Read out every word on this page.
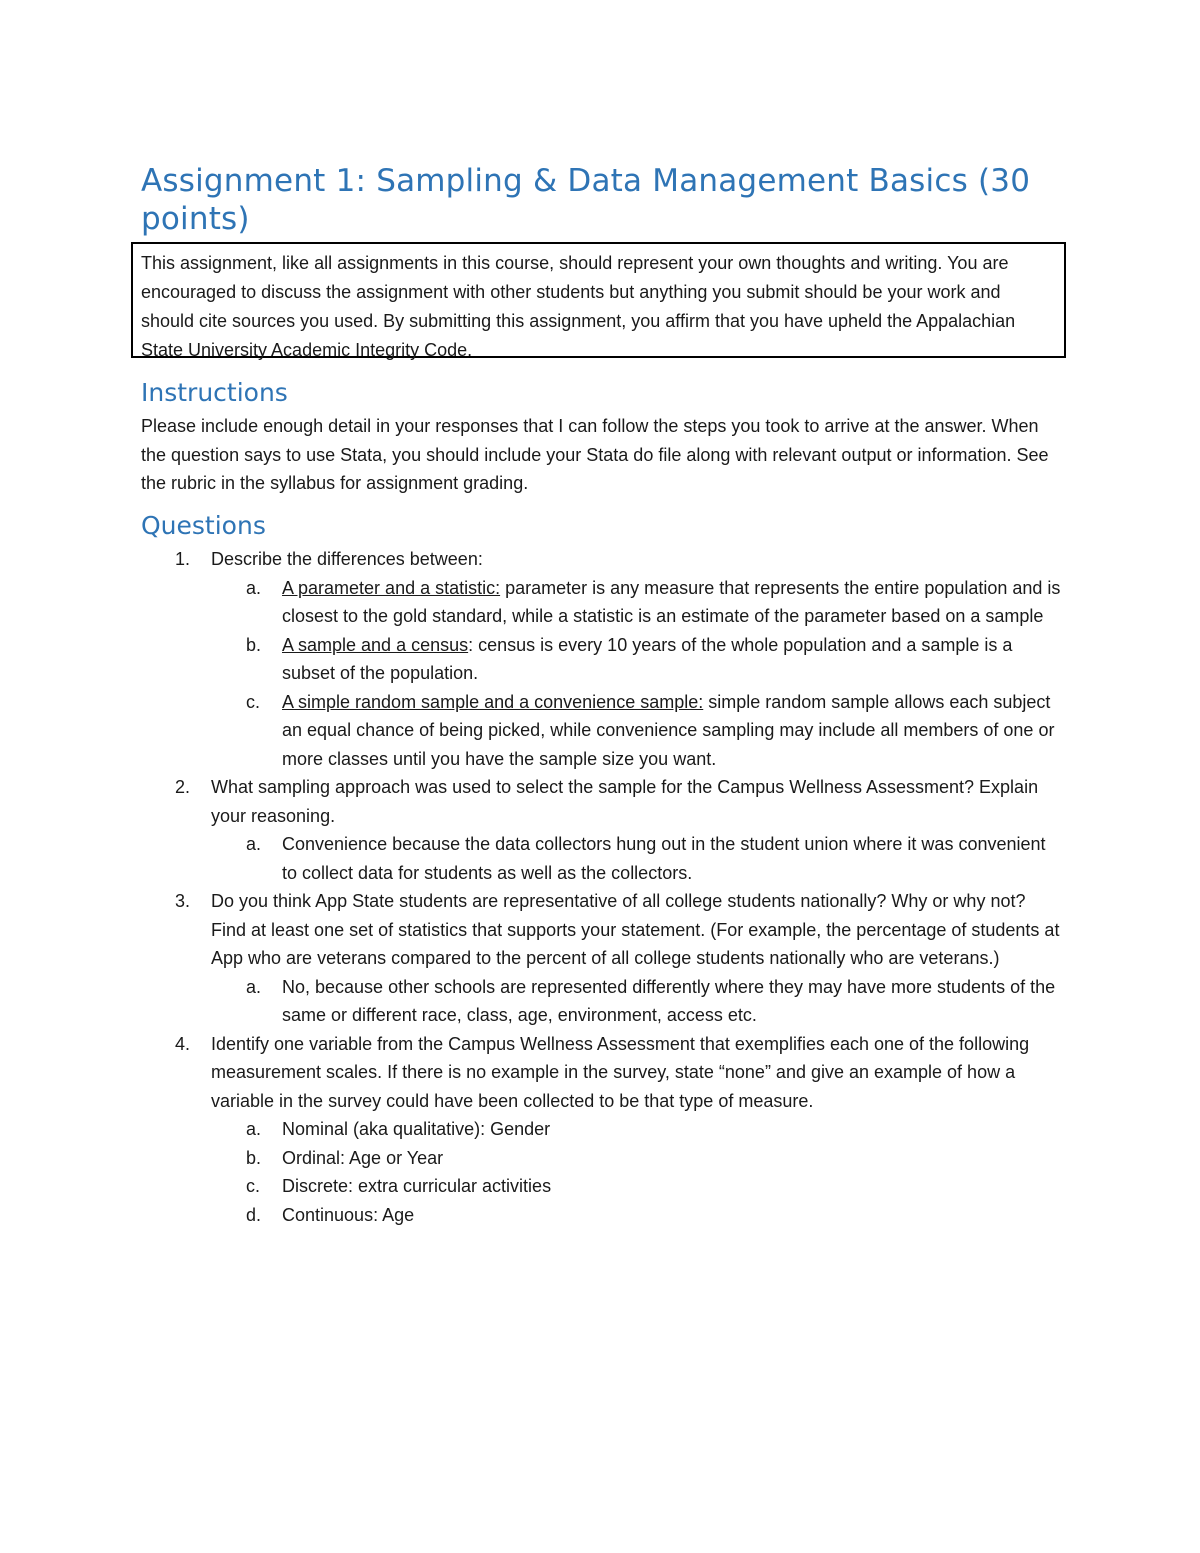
Assignment 1: Sampling & Data Management Basics (30 points)
This assignment, like all assignments in this course, should represent your own thoughts and writing. You are encouraged to discuss the assignment with other students but anything you submit should be your work and should cite sources you used. By submitting this assignment, you affirm that you have upheld the Appalachian State University Academic Integrity Code.
Instructions

Please include enough detail in your responses that I can follow the steps you took to arrive at the answer. When the question says to use Stata, you should include your Stata do file along with relevant output or information. See the rubric in the syllabus for assignment grading.

Questions
1. Describe the differences between:
a. A parameter and a statistic: parameter is any measure that represents the entire population and is closest to the gold standard, while a statistic is an estimate of the parameter based on a sample
b. A sample and a census: census is every 10 years of the whole population and a sample is a subset of the population.
c. A simple random sample and a convenience sample: simple random sample allows each subject an equal chance of being picked, while convenience sampling may include all members of one or more classes until you have the sample size you want.
2. What sampling approach was used to select the sample for the Campus Wellness Assessment? Explain your reasoning.
a. Convenience because the data collectors hung out in the student union where it was convenient to collect data for students as well as the collectors.
3. Do you think App State students are representative of all college students nationally? Why or why not? Find at least one set of statistics that supports your statement. (For example, the percentage of students at App who are veterans compared to the percent of all college students nationally who are veterans.)
a. No, because other schools are represented differently where they may have more students of the same or different race, class, age, environment, access etc.
4. Identify one variable from the Campus Wellness Assessment that exemplifies each one of the following measurement scales. If there is no example in the survey, state “none” and give an example of how a variable in the survey could have been collected to be that type of measure.
a. Nominal (aka qualitative): Gender
b. Ordinal: Age or Year
c. Discrete: extra curricular activities
d. Continuous: Age
